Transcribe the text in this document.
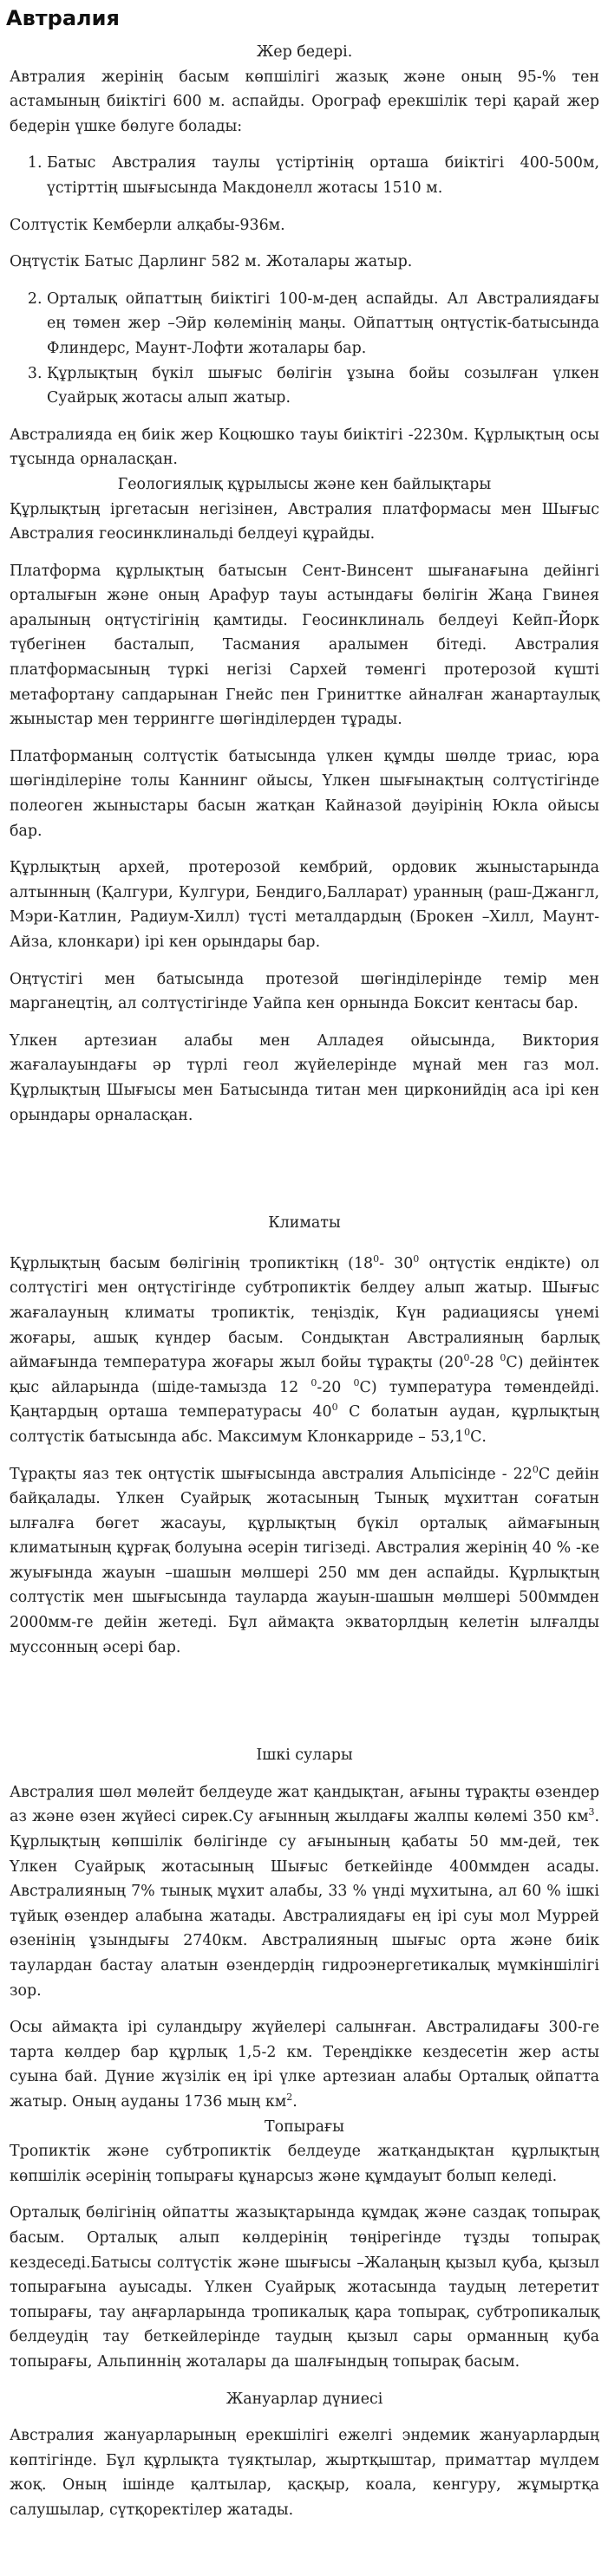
Автралия

Жер бедері.

Автралия жерінің басым көпшілігі жазық және оның 95-% тен астамының биіктігі 600 м. аспайды. Орограф ерекшілік тері қарай жер бедерін үшке бөлуге болады:

1. Батыс Австралия таулы үстіртінің орташа биіктігі 400-500м, үстірттің шығысында Макдонелл жотасы 1510 м.

Солтүстік Кемберли алқабы-936м.

Оңтүстік Батыс Дарлинг 582 м. Жоталары жатыр.

2. Орталық ойпаттың биіктігі 100-м-дең аспайды. Ал Австралиядағы ең төмен жер –Эйр көлемінің маңы. Ойпаттың оңтүстік-батысында Флиндерс, Маунт-Лофти жоталары бар.
3. Құрлықтың бүкіл шығыс бөлігін ұзына бойы созылған үлкен Суайрық жотасы алып жатыр.

Австралияда ең биік жер Коцюшко тауы биіктігі -2230м. Құрлықтың осы тұсында орналасқан.

Геологиялық құрылысы және кен байлықтары

Құрлықтың іргетасын негізінен, Австралия платформасы мен Шығыс Австралия геосинклинальді белдеуі құрайды.

Платформа құрлықтың батысын Сент-Винсент шығанағына дейінгі орталығын және оның Арафур тауы астындағы бөлігін Жаңа Гвинея аралының оңтүстігінің қамтиды. Геосинклиналь белдеуі Кейп-Йорк түбегінен басталып, Тасмания аралымен бітеді. Австралия платформасының түркі негізі Сархей төменгі протерозой күшті метафортану сапдарынан Гнейс пен Гриниттке айналған жанартаулық жыныстар мен террингге шөгінділерден тұрады.

Платформаның солтүстік батысында үлкен құмды шөлде триас, юра шөгінділеріне толы Каннинг ойысы, Үлкен шығынақтың солтүстігінде полеоген жыныстары басын жатқан Кайназой дәуірінің Юкла ойысы бар.

Құрлықтың архей, протерозой кембрий, ордовик жыныстарында алтынның (Қалгури, Кулгури, Бендиго,Балларат) уранның (раш-Джангл, Мэри-Катлин, Радиум-Хилл) түсті металдардың (Брокен –Хилл, Маунт-Айза, клонкари) ірі кен орындары бар.

Оңтүстігі мен батысында протезой шөгінділерінде темір мен марганецтің, ал солтүстігінде Уайпа кен орнында Боксит кентасы бар.

Үлкен артезиан алабы мен Алладея ойысында, Виктория жағалауындағы әр түрлі геол жүйелерінде мұнай мен газ мол. Құрлықтың Шығысы мен Батысында титан мен цирконийдің аса ірі кен орындары орналасқан.

Климаты

Құрлықтың басым бөлігінің тропиктікң ($18^0-$ $30^0$ оңтүстік ендікте) ол солтүстігі мен оңтүстігінде субтропиктік белдеу алып жатыр. Шығыс жағалауның климаты тропиктік, теңіздік, Күн радиациясы үнемі жоғары, ашық күндер басым. Сондықтан Австралияның барлық аймағында температура жоғары жыл бойы тұрақты ($20^0-28$ $^0$С) дейінтек қыс айларында (шіде-тамызда 12 $^0$-20 $^0$С) тумпература төмендейді. Қаңтардың орташа температурасы $40^0$ С болатын аудан, құрлықтың солтүстік батысында абс. Максимум Клонкарриде – 53,1$^0$С.

Тұрақты яаз тек оңтүстік шығысында австралия Альпісінде - $22^0С$ дейін байқалады. Үлкен Суайрық жотасының Тынық мұхиттан соғатын ылғалға бөгет жасауы, құрлықтың бүкіл орталық аймағының климатының құрғақ болуына әсерін тигізеді. Австралия жерінің 40 % -ке жуығында жауын –шашын мөлшері 250 мм ден аспайды. Құрлықтың солтүстік мен шығысында тауларда жауын-шашын мөлшері 500ммден 2000мм-ге дейін жетеді. Бұл аймақта экваторлдың келетін ылғалды муссонның әсері бар.

Ішкі сулары

Австралия шөл мөлейт белдеуде жат қандықтан, ағыны тұрақты өзендер аз және өзен жүйесі сирек.Су ағынның жылдағы жалпы көлемі 350 $км^3$. Құрлықтың көпшілік бөлігінде су ағынының қабаты 50 мм-дей, тек Үлкен Суайрық жотасының Шығыс беткейінде 400ммден асады. Австралияның 7% тынық мұхит алабы, 33 % үнді мұхитына, ал 60 % ішкі тұйық өзендер алабына жатады. Австралиядағы ең ірі суы мол Муррей өзенінің ұзындығы 2740км. Австралияның шығыс орта және биік таулардан бастау алатын өзендердің гидроэнергетикалық мүмкіншілігі зор.

Осы аймақта ірі суландыру жүйелері салынған. Австралидағы 300-ге тарта көлдер бар құрлық 1,5-2 км. Тереңдікке кездесетін жер асты суына бай. Дүние жүзілік ең ірі үлке артезиан алабы Орталық ойпатта жатыр. Оның ауданы 1736 мың $км^2$.

Топырағы

Тропиктік және субтропиктік белдеуде жатқандықтан құрлықтың көпшілік әсерінің топырағы құнарсыз және құмдауыт болып келеді.

Орталық бөлігінің ойпатты жазықтарында құмдақ және саздақ топырақ басым. Орталық алып көлдерінің төңірегінде тұзды топырақ кездеседі.Батысы солтүстік және шығысы –Жалаңың қызыл қуба, қызыл топырағына ауысады. Үлкен Суайрық жотасында таудың летеретит топырағы, тау аңғарларында тропикалық қара топырақ, субтропикалық белдеудің тау беткейлерінде таудың қызыл сары орманның қуба топырағы, Альпиннің жоталары да шалғындың топырақ басым.

Жануарлар дүниесі

Австралия жануарларының ерекшілігі ежелгі эндемик жануарлардың көптігінде. Бұл құрлықта түяқтылар, жыртқыштар, приматтар мүлдем жоқ. Оның ішінде қалтылар, қасқыр, коала, кенгуру, жұмыртқа салушылар, сүтқоректілер жатады.
